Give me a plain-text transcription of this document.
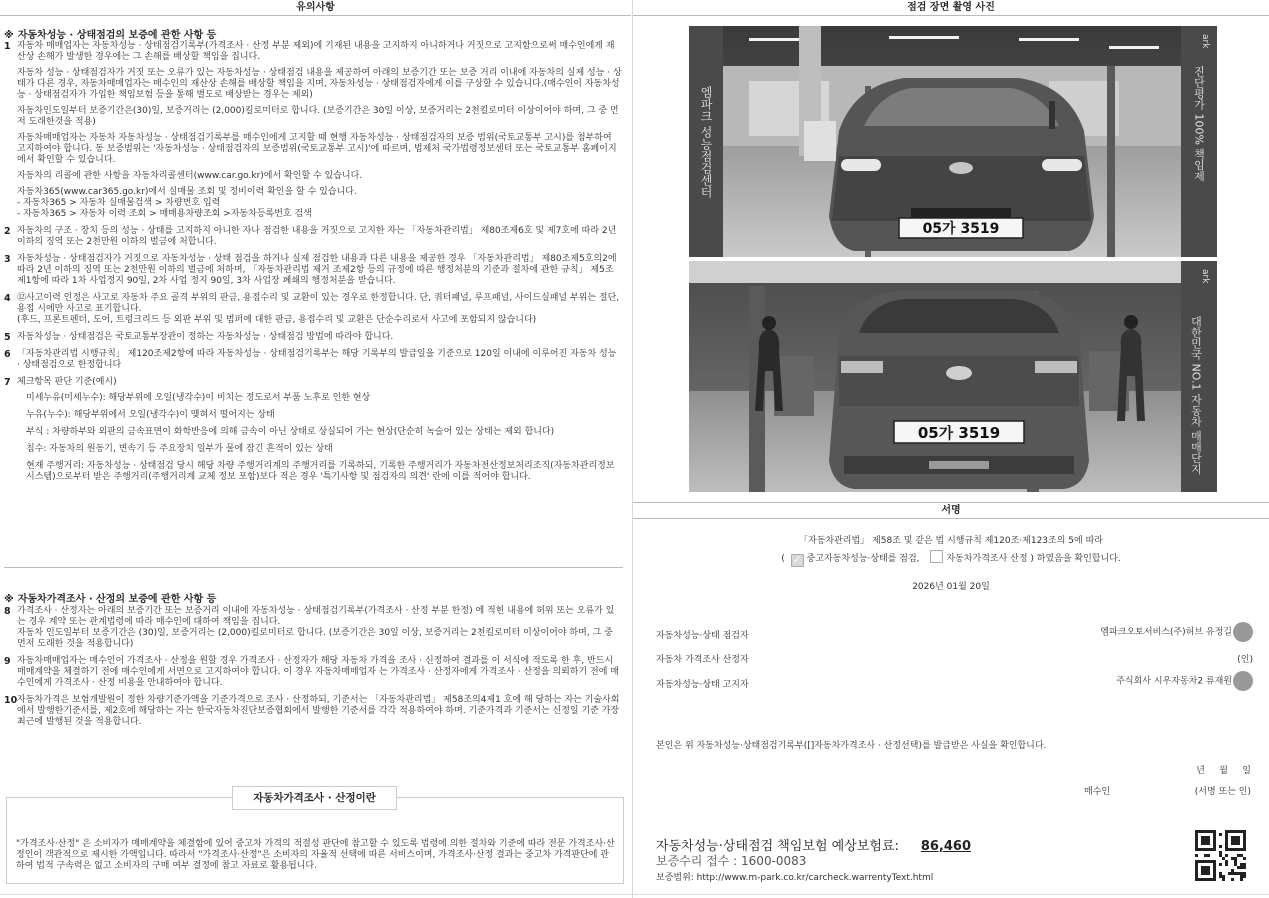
유의사항
※ 자동차성능 · 상태점검의 보증에 관한 사항 등
1 자동차 매매업자는 자동차성능 · 상태점검기록부(가격조사 · 산정 부분 제외)에 기재된 내용을 고지하지 아니하거나 거짓으로 고지함으로써 매수인에게 재산상 손해가 발생한 경우에는 그 손해를 배상할 책임을 집니다.
자동차 성능 · 상태점검자가 거짓 또는 오류가 있는 자동차성능 · 상태점검 내용을 제공하여 아래의 보증기간 또는 보증 거리 이내에 자동차의 실제 성능 · 상태가 다른 경우, 자동차매매업자는 매수인의 재산상 손해를 배상할 책임을 지며, 자동차성능 · 상태점검자에게 이를 구상할 수 있습니다.(매수인이 자동차성능 · 상태점검자가 가입한 책임보험 등을 통해 별도로 배상받는 경우는 제외)
자동차인도일부터 보증기간은(30)일, 보증거리는 (2,000)킬로미터로 합니다. (보증기간은 30일 이상, 보증거리는 2천킬로미터 이상이어야 하며, 그 중 먼저 도래한것을 적용)
자동차매매업자는 자동차 자동차성능 · 상태점검기록부를 매수인에게 고지할 때 현행 자동차성능 · 상태점검자의 보증 범위(국토교통부 고시)를 첨부하여 고지하여야 합니다. 동 보증범위는 '자동차성능 · 상태점검자의 보증범위(국토교통부 고시)'에 따르며, 법제처 국가법령정보센터 또는 국토교통부 홈페이지에서 확인할 수 있습니다.
자동차의 리콜에 관한 사항을 자동차리콜센터(www.car.go.kr)에서 확인할 수 있습니다.
자동차365(www.car365.go.kr)에서 실매물 조회 및 정비이력 확인을 할 수 있습니다.
- 자동차365 > 자동차 실매물검색 > 차량번호 입력
- 자동차365 > 자동차 이력 조회 > 매매용차량조회 >자동차등록번호 검색
2 자동차의 구조 · 장치 등의 성능 · 상태를 고지하지 아니한 자나 점검한 내용을 거짓으로 고지한 자는 「자동차관리법」 제80조제6호 및 제7호에 따라 2년 이하의 징역 또는 2천만원 이하의 벌금에 처합니다.
3 자동차성능 · 상태점검자가 거짓으로 자동차성능 · 상태 점검을 하거나 실제 점검한 내용과 다른 내용을 제공한 경우 「자동차관리법」 제80조제5호의2에 따라 2년 이하의 징역 또는 2천만원 이하의 벌금에 처하며, 「자동차관리법 제거 조제2항 등의 규정에 따른 행정처분의 기준과 절차에 관한 규칙」 제5조제1항에 따라 1차 사업정지 90일, 2차 사업 정지 90일, 3차 사업장 폐쇄의 행정처분을 받습니다.
4 ⑫사고이력 인정은 사고로 자동차 주요 골격 부위의 판금, 용접수리 및 교환이 있는 경우로 한정합니다. 단, 쿼터패널, 루프패널, 사이드실패널 부위는 절단, 용접 시에만 사고로 표기합니다.
(후드, 프론트펜더, 도어, 트렁크리드 등 외판 부위 및 범퍼에 대한 판금, 용접수리 및 교환은 단순수리로서 사고에 포함되지 않습니다)
5 자동차성능 · 상태점검은 국토교통부장관이 정하는 자동차성능 · 상태점검 방법에 따라야 합니다.
6 「자동차관리법 시행규칙」 제120조제2항에 따라 자동차성능 · 상태점검기록부는 해당 기록부의 발급일을 기준으로 120일 이내에 이루어진 자동차 성능 · 상태점검으로 한정합니다
7 체크항목 판단 기준(예시)
미세누유(미세누수): 해당부위에 오일(냉각수)이 비치는 정도로서 부품 노후로 인한 현상
누유(누수): 해당부위에서 오일(냉각수)이 맺혀서 떨어지는 상태
부식 : 차량하부와 외판의 금속표면이 화학반응에 의해 금속이 아닌 상태로 상실되어 가는 현상(단순히 녹슬어 있는 상태는 제외 합니다)
침수: 자동차의 원동기, 변속기 등 주요장치 일부가 물에 잠긴 흔적이 있는 상태
현재 주행거리: 자동차성능 · 상태점검 당시 해당 차량 주행거리계의 주행거리를 기록하되, 기록한 주행거리가 자동차전산정보처리조직(자동차관리정보시스템)으로부터 받은 주행거리(주행거리계 교체 정보 포함)보다 적은 경우 '특기사항 및 점검자의 의견' 란에 이를 적어야 합니다.
※ 자동차가격조사 · 산정의 보증에 관한 사항 등
8 가격조사 · 산정자는 아래의 보증기간 또는 보증거리 이내에 자동차성능 · 상태점검기록부(가격조사 · 산정 부분 한정) 에 적힌 내용에 허위 또는 오류가 있는 경우 계약 또는 관계법령에 따라 매수인에 대하여 책임을 집니다.
자동차 인도일부터 보증기간은 (30)일, 보증거리는 (2,000)킬로미터로 합니다. (보증기간은 30일 이상, 보증거리는 2천킬로미터 이상이어야 하며, 그 중 먼저 도래한 것을 적용합니다)
9 자동차매매업자는 매수인이 가격조사 · 산정을 원할 경우 가격조사 · 산정자가 해당 자동차 가격을 조사 · 신정하여 결과를 이 서식에 적도록 한 후, 반드시 매매계약을 체결하기 전에 매수인에게 서면으로 고지하여야 합니다. 이 경우 자동차매매업자 는 가격조사 · 산정자에게 가격조사 · 산정을 의뢰하기 전에 매수인에게 가격조사 · 산정 비용을 안내하여야 합니다.
10 자동차가격은 보험개발원이 정한 차량기준가액을 기준가격으로 조사 · 산정하되, 기준서는 「자동차관리법」 제58조의4제1 호에 해 당하는 자는 기술사회에서 발행한기준서를, 제2호에 해당하는 자는 한국자동차진단보증협회에서 발행한 기준서를 각각 적용하여야 하며. 기준가격과 기준서는 신정일 기준 가장 최근에 발행된 것을 적용합니다.
자동차가격조사 · 산정이란
"가격조사·산정" 은 소비자가 매매계약을 체결함에 있어 중고차 가격의 적절성 판단에 참고할 수 있도록 법령에 의한 절차와 기준에 따라 전문 가격조사·산정인이 객관적으로 제시한 가액입니다. 따라서 "가격조사·산정"은 소비자의 자율적 선택에 따른 서비스이며, 가격조사·산정 결과는 중고차 가격판단에 관하여 법적 구속력은 없고 소비자의 구매 여부 결정에 참고 자료로 활용됩니다.
점검 장면 촬영 사진
05가 3519
엠파크 성능점검센터	진단평가 100% 책임제
ark
05가 3519	대한민국 NO.1 자동차 매매단지
ark
서명
「자동차관리법」 제58조 및 같은 법 시행규칙 제120조·제123조의 5에 따라
( ✓ 중고자동차성능·상태를 점검,	자동차가격조사 산정 ) 하였음을 확인합니다.
2026년 01월 20일
자동차성능·상태 점검자	엠파크오토서비스(주)허브 유정길
자동차 가격조사 산정자	(인)
자동차성능·상태 고지자	주식회사 시우자동차2 류재원
본인은 위 자동차성능·상태점검기록부([]자동차가격조사 · 산정선택)를 발급받은 사실을 확인합니다.
년     월     일
매수인	(서명 또는 인)
자동차성능·상태점검 책임보험 예상보험료: 86,460
보증수리 접수 : 1600-0083
보증범위: http://www.m-park.co.kr/carcheck.warrentyText.html
